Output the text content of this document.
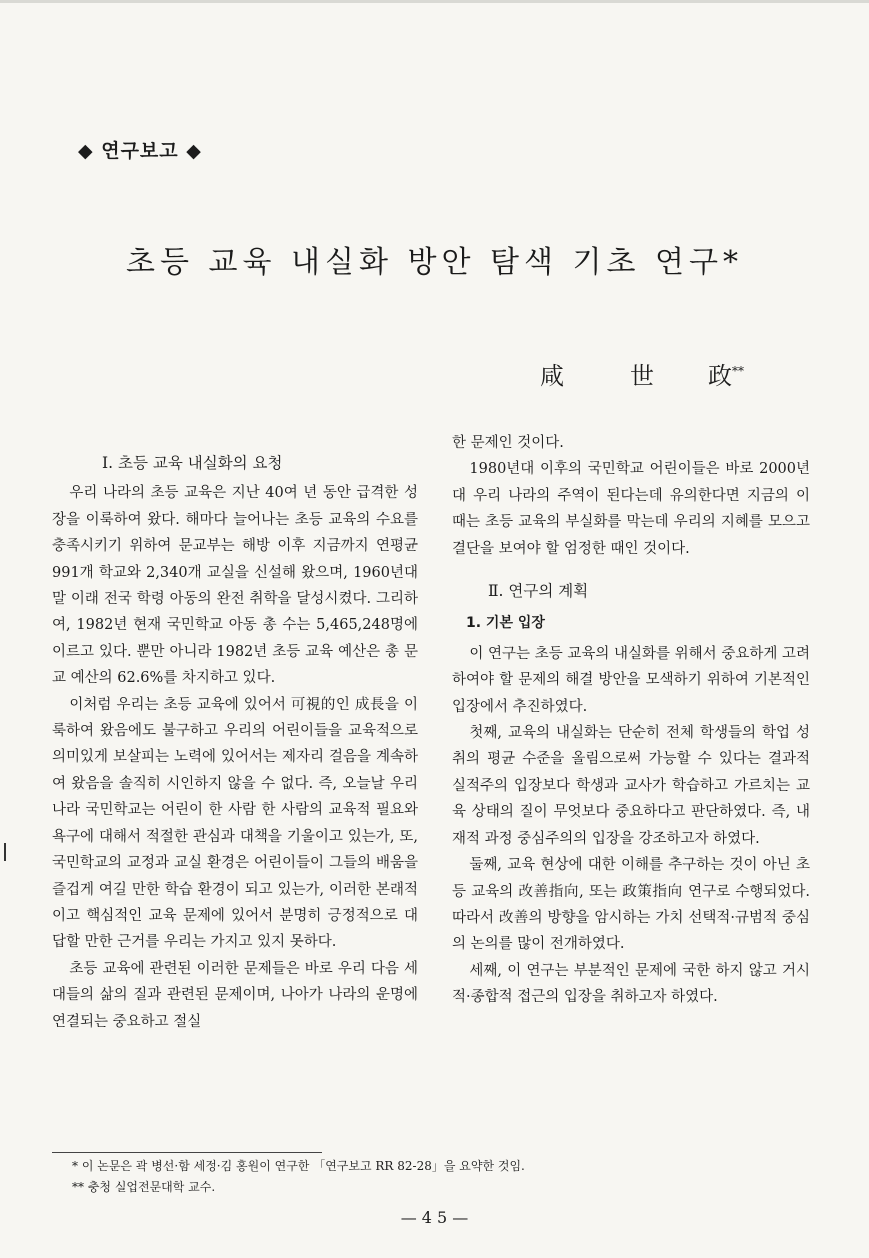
◆ 연구보고 ◆
초등 교육 내실화 방안 탐색 기초 연구*
咸	世 政**

Ⅰ. 초등 교육 내실화의 요청

우리 나라의 초등 교육은 지난 40여 년 동안 급격한 성장을 이룩하여 왔다. 해마다 늘어나는 초등 교육의 수요를 충족시키기 위하여 문교부는 해방 이후 지금까지 연평균 991개 학교와 2,340개 교실을 신설해 왔으며, 1960년대 말 이래 전국 학령 아동의 완전 취학을 달성시켰다. 그리하여, 1982년 현재 국민학교 아동 총 수는 5,465,248명에 이르고 있다. 뿐만 아니라 1982년 초등 교육 예산은 총 문교 예산의 62.6%를 차지하고 있다.

이처럼 우리는 초등 교육에 있어서 可視的인 成長을 이룩하여 왔음에도 불구하고 우리의 어린이들을 교육적으로 의미있게 보살피는 노력에 있어서는 제자리 걸음을 계속하여 왔음을 솔직히 시인하지 않을 수 없다. 즉, 오늘날 우리 나라 국민학교는 어린이 한 사람 한 사람의 교육적 필요와 욕구에 대해서 적절한 관심과 대책을 기울이고 있는가, 또, 국민학교의 교정과 교실 환경은 어린이들이 그들의 배움을 즐겁게 여길 만한 학습 환경이 되고 있는가, 이러한 본래적이고 핵심적인 교육 문제에 있어서 분명히 긍정적으로 대답할 만한 근거를 우리는 가지고 있지 못하다.

초등 교육에 관련된 이러한 문제들은 바로 우리 다음 세대들의 삶의 질과 관련된 문제이며, 나아가 나라의 운명에 연결되는 중요하고 절실

한 문제인 것이다.

1980년대 이후의 국민학교 어린이들은 바로 2000년대 우리 나라의 주역이 된다는데 유의한다면 지금의 이 때는 초등 교육의 부실화를 막는데 우리의 지혜를 모으고 결단을 보여야 할 엄정한 때인 것이다.

Ⅱ. 연구의 계획

1. 기본 입장

이 연구는 초등 교육의 내실화를 위해서 중요하게 고려하여야 할 문제의 해결 방안을 모색하기 위하여 기본적인 입장에서 추진하였다.

첫째, 교육의 내실화는 단순히 전체 학생들의 학업 성취의 평균 수준을 올림으로써 가능할 수 있다는 결과적 실적주의 입장보다 학생과 교사가 학습하고 가르치는 교육 상태의 질이 무엇보다 중요하다고 판단하였다. 즉, 내재적 과정 중심주의의 입장을 강조하고자 하였다.

둘째, 교육 현상에 대한 이해를 추구하는 것이 아닌 초등 교육의 改善指向, 또는 政策指向 연구로 수행되었다. 따라서 改善의 방향을 암시하는 가치 선택적·규범적 중심의 논의를 많이 전개하였다.

세째, 이 연구는 부분적인 문제에 국한 하지 않고 거시적·종합적 접근의 입장을 취하고자 하였다.

* 이 논문은 곽 병선·함 세정·김 홍원이 연구한 「연구보고 RR 82-28」을 요약한 것임.
** 충청 실업전문대학 교수.
— 4 5 —
